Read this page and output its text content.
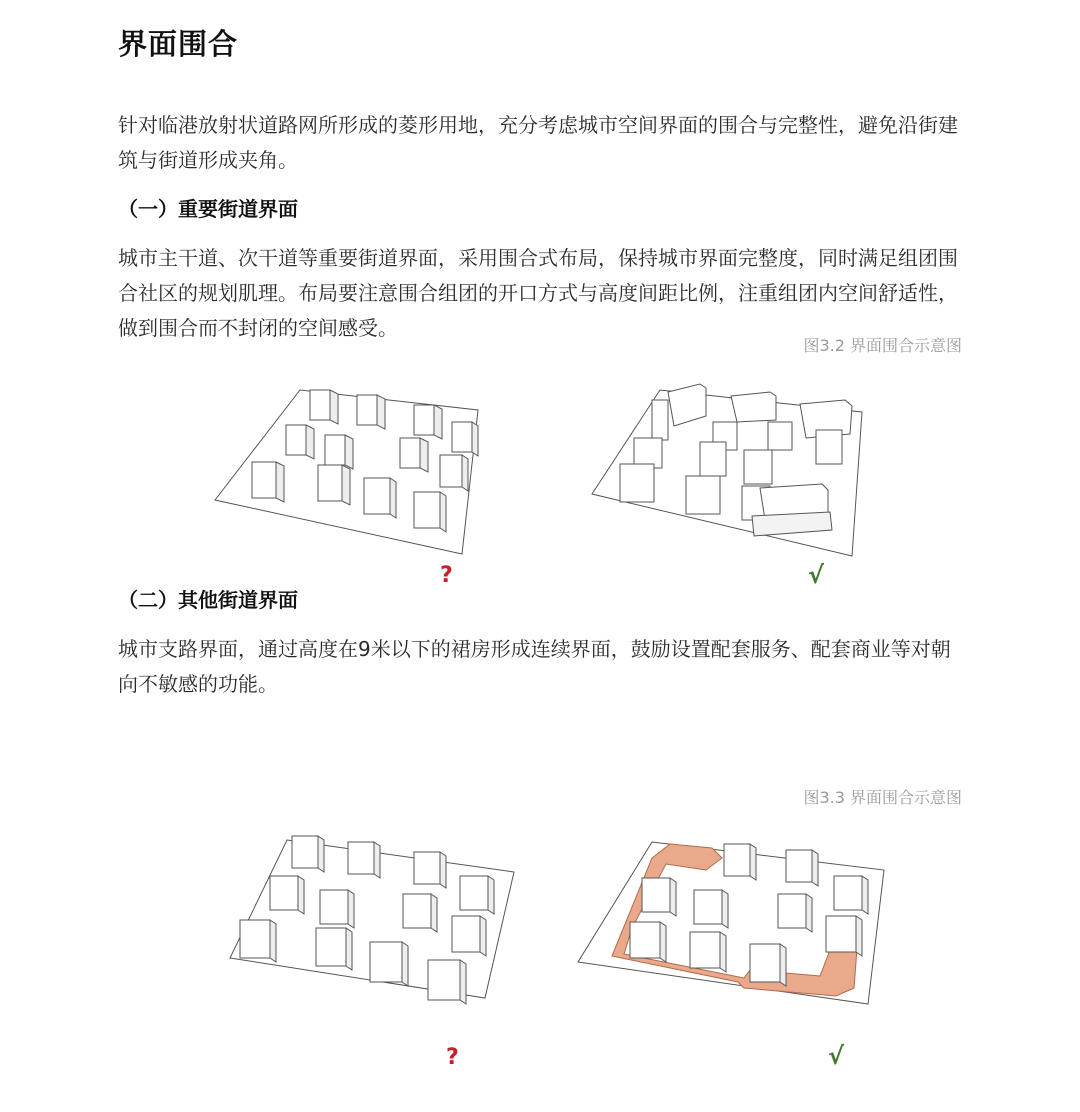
界面围合

针对临港放射状道路网所形成的菱形用地，充分考虑城市空间界面的围合与完整性，避免沿街建筑与街道形成夹角。

（一）重要街道界面

城市主干道、次干道等重要街道界面，采用围合式布局，保持城市界面完整度，同时满足组团围合社区的规划肌理。布局要注意围合组团的开口方式与高度间距比例，注重组团内空间舒适性，做到围合而不封闭的空间感受。

图3.2 界面围合示意图
?	√
（二）其他街道界面

城市支路界面，通过高度在9米以下的裙房形成连续界面，鼓励设置配套服务、配套商业等对朝向不敏感的功能。

图3.3 界面围合示意图
?	√
